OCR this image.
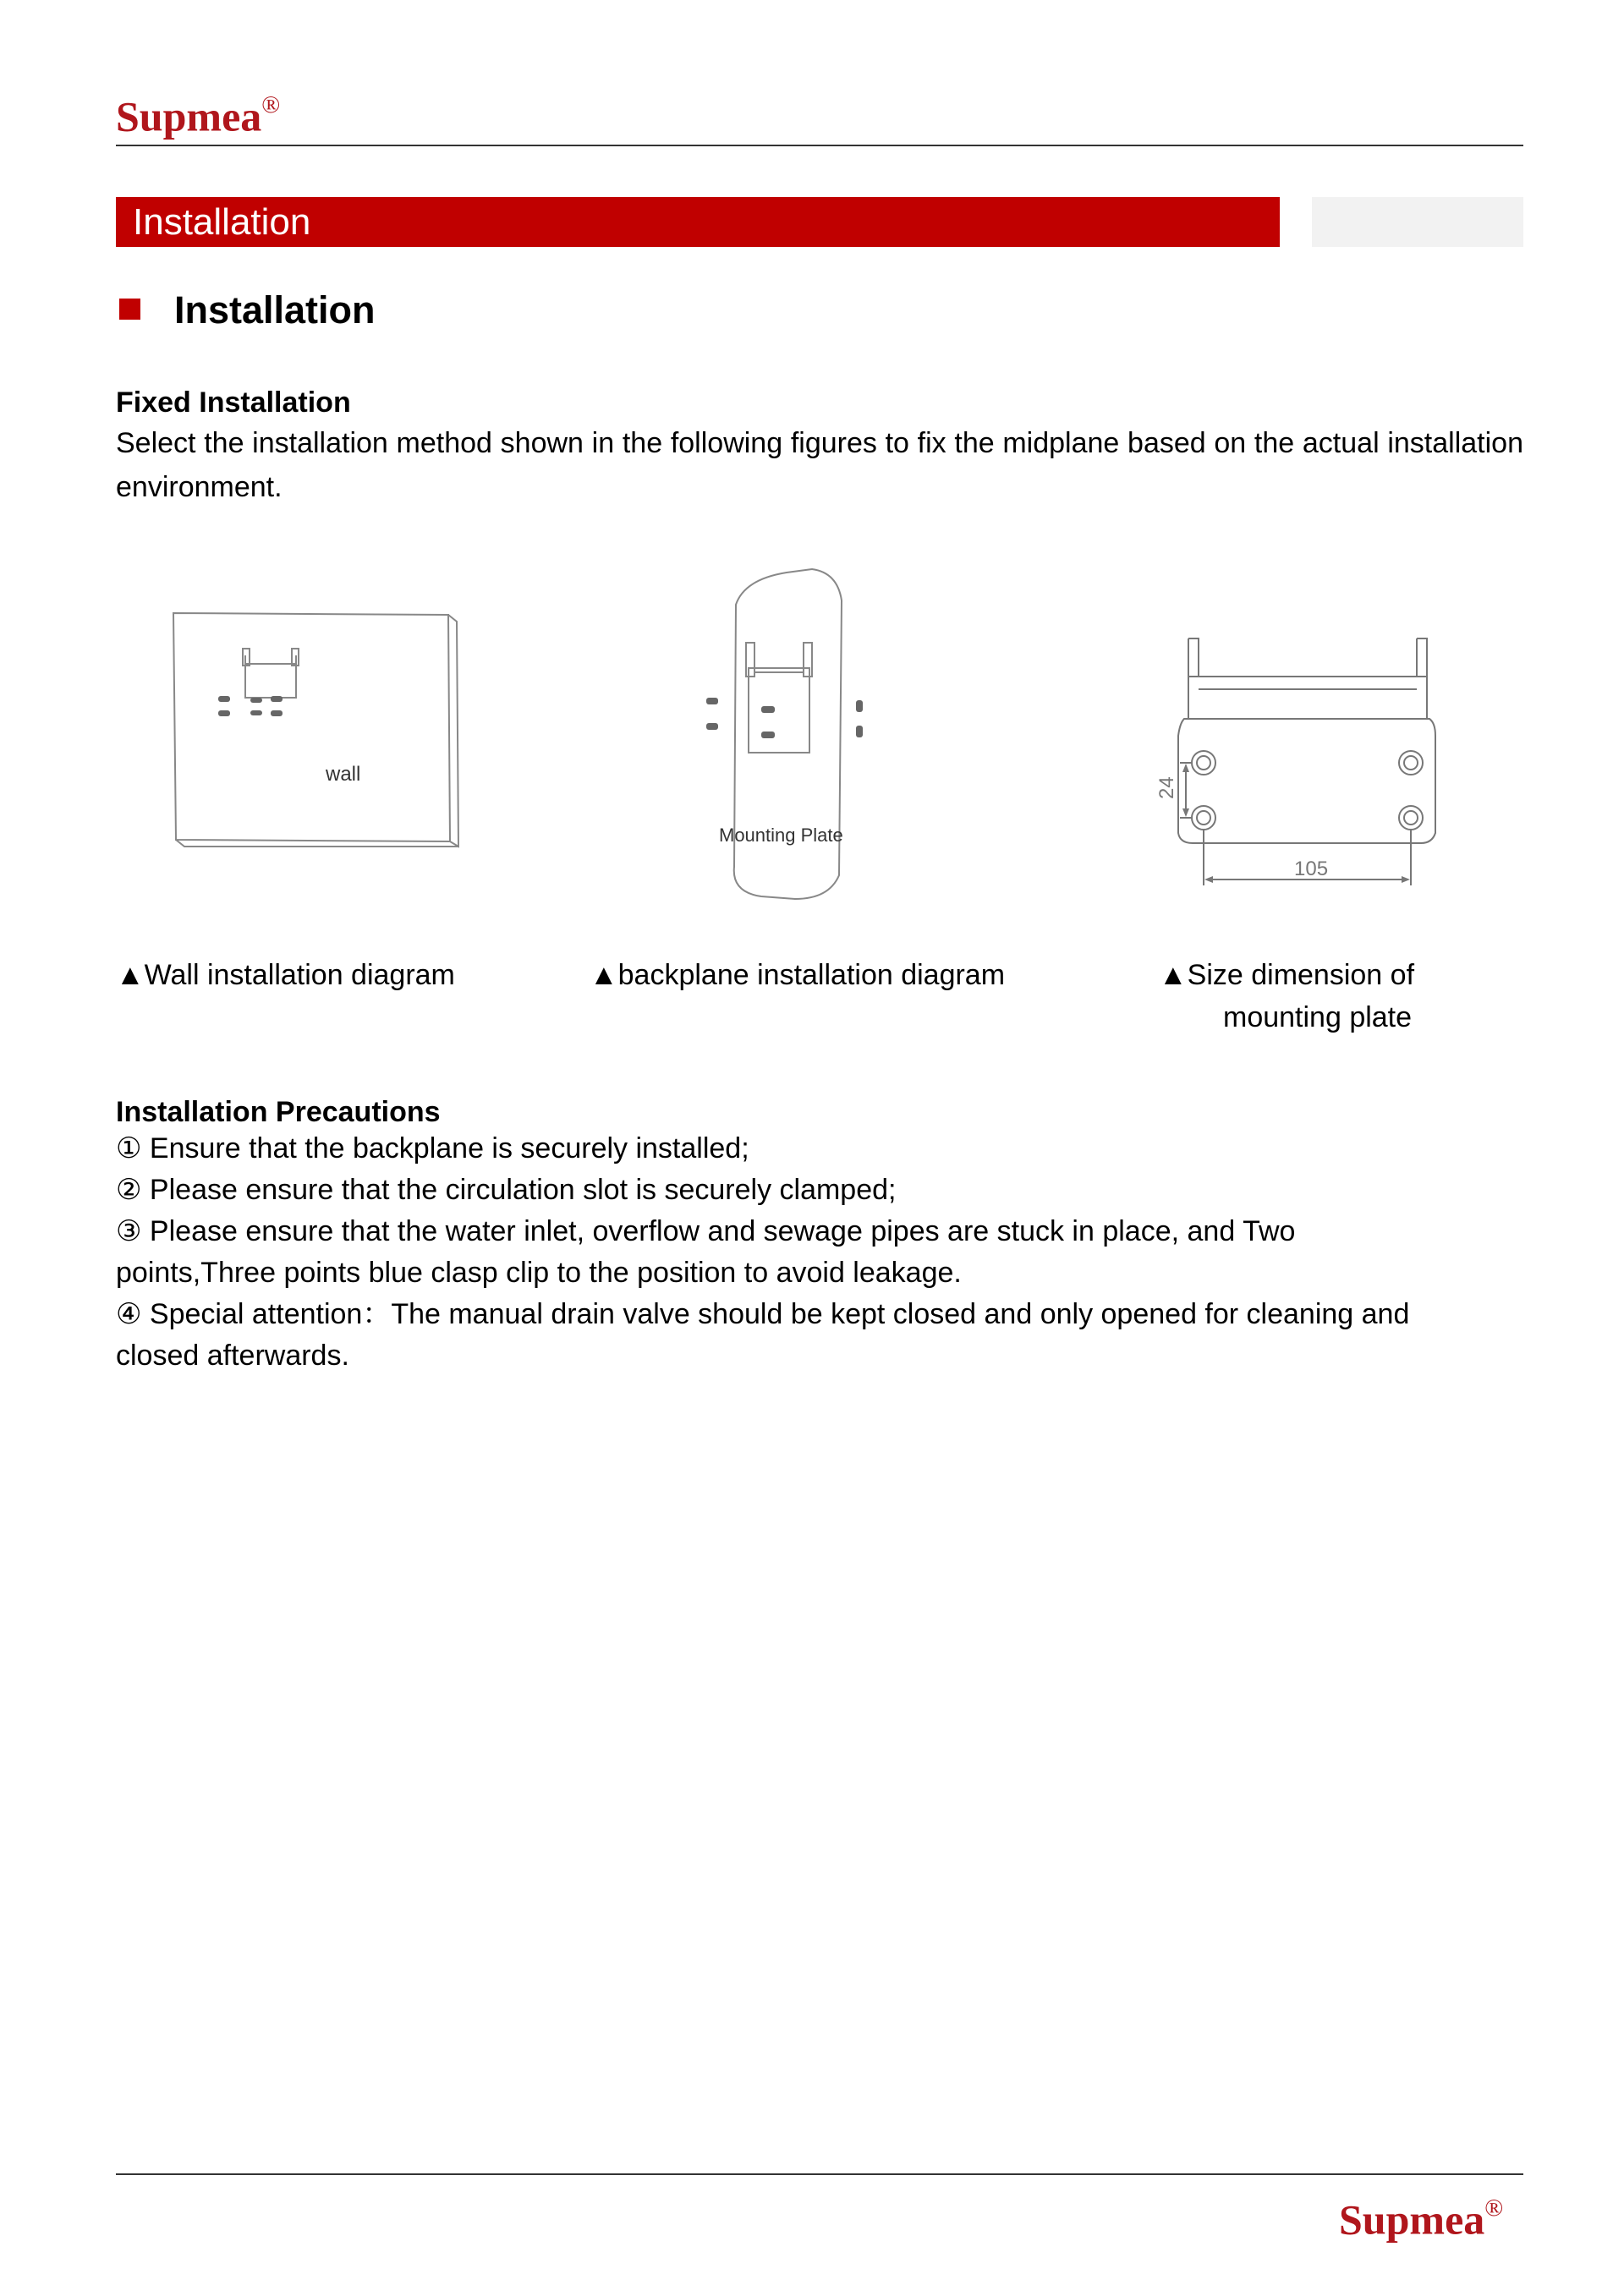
Supmea®
Installation
Installation
Fixed Installation
Select the installation method shown in the following figures to fix the midplane based on the actual installation environment.
wall
▲Wall installation diagram
Mounting Plate
▲backplane installation diagram
24
105
▲Size dimension of
mounting plate
Installation Precautions
① Ensure that the backplane is securely installed;
② Please ensure that the circulation slot is securely clamped;
③ Please ensure that the water inlet, overflow and sewage pipes are stuck in place, and Two
points,Three points blue clasp clip to the position to avoid leakage.
④ Special attention：The manual drain valve should be kept closed and only opened for cleaning and
closed afterwards.
Supmea®
